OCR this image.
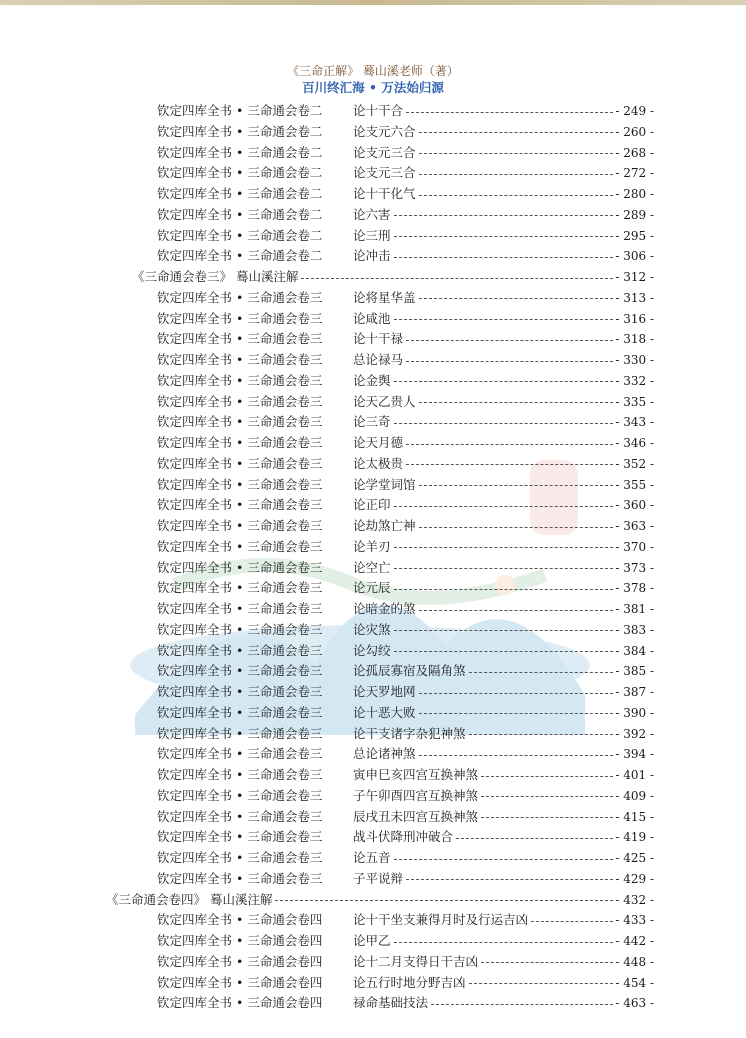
《三命正解》 蓦山溪老师（著）
百川终汇海 • 万法始归源
钦定四库全书 • 三命通会卷二	论十干合	- 249 -
钦定四库全书 • 三命通会卷二	论支元六合	- 260 -
钦定四库全书 • 三命通会卷二	论支元三合	- 268 -
钦定四库全书 • 三命通会卷二	论支元三合	- 272 -
钦定四库全书 • 三命通会卷二	论十干化气	- 280 -
钦定四库全书 • 三命通会卷二	论六害	- 289 -
钦定四库全书 • 三命通会卷二	论三刑	- 295 -
钦定四库全书 • 三命通会卷二	论冲击	- 306 -
《三命通会卷三》 蓦山溪注解	- 312 -
钦定四库全书 • 三命通会卷三	论将星华盖	- 313 -
钦定四库全书 • 三命通会卷三	论咸池	- 316 -
钦定四库全书 • 三命通会卷三	论十干禄	- 318 -
钦定四库全书 • 三命通会卷三	总论禄马	- 330 -
钦定四库全书 • 三命通会卷三	论金舆	- 332 -
钦定四库全书 • 三命通会卷三	论天乙贵人	- 335 -
钦定四库全书 • 三命通会卷三	论三奇	- 343 -
钦定四库全书 • 三命通会卷三	论天月德	- 346 -
钦定四库全书 • 三命通会卷三	论太极贵	- 352 -
钦定四库全书 • 三命通会卷三	论学堂词馆	- 355 -
钦定四库全书 • 三命通会卷三	论正印	- 360 -
钦定四库全书 • 三命通会卷三	论劫煞亡神	- 363 -
钦定四库全书 • 三命通会卷三	论羊刃	- 370 -
钦定四库全书 • 三命通会卷三	论空亡	- 373 -
钦定四库全书 • 三命通会卷三	论元辰	- 378 -
钦定四库全书 • 三命通会卷三	论暗金的煞	- 381 -
钦定四库全书 • 三命通会卷三	论灾煞	- 383 -
钦定四库全书 • 三命通会卷三	论勾绞	- 384 -
钦定四库全书 • 三命通会卷三	论孤辰寡宿及隔角煞	- 385 -
钦定四库全书 • 三命通会卷三	论天罗地网	- 387 -
钦定四库全书 • 三命通会卷三	论十恶大败	- 390 -
钦定四库全书 • 三命通会卷三	论干支诸字杂犯神煞	- 392 -
钦定四库全书 • 三命通会卷三	总论诸神煞	- 394 -
钦定四库全书 • 三命通会卷三	寅申巳亥四宫互换神煞	- 401 -
钦定四库全书 • 三命通会卷三	子午卯酉四宫互换神煞	- 409 -
钦定四库全书 • 三命通会卷三	辰戌丑未四宫互换神煞	- 415 -
钦定四库全书 • 三命通会卷三	战斗伏降刑冲破合	- 419 -
钦定四库全书 • 三命通会卷三	论五音	- 425 -
钦定四库全书 • 三命通会卷三	子平说辩	- 429 -
《三命通会卷四》 蓦山溪注解	- 432 -
钦定四库全书 • 三命通会卷四	论十干坐支兼得月时及行运吉凶	- 433 -
钦定四库全书 • 三命通会卷四	论甲乙	- 442 -
钦定四库全书 • 三命通会卷四	论十二月支得日干吉凶	- 448 -
钦定四库全书 • 三命通会卷四	论五行时地分野吉凶	- 454 -
钦定四库全书 • 三命通会卷四	禄命基础技法	- 463 -
